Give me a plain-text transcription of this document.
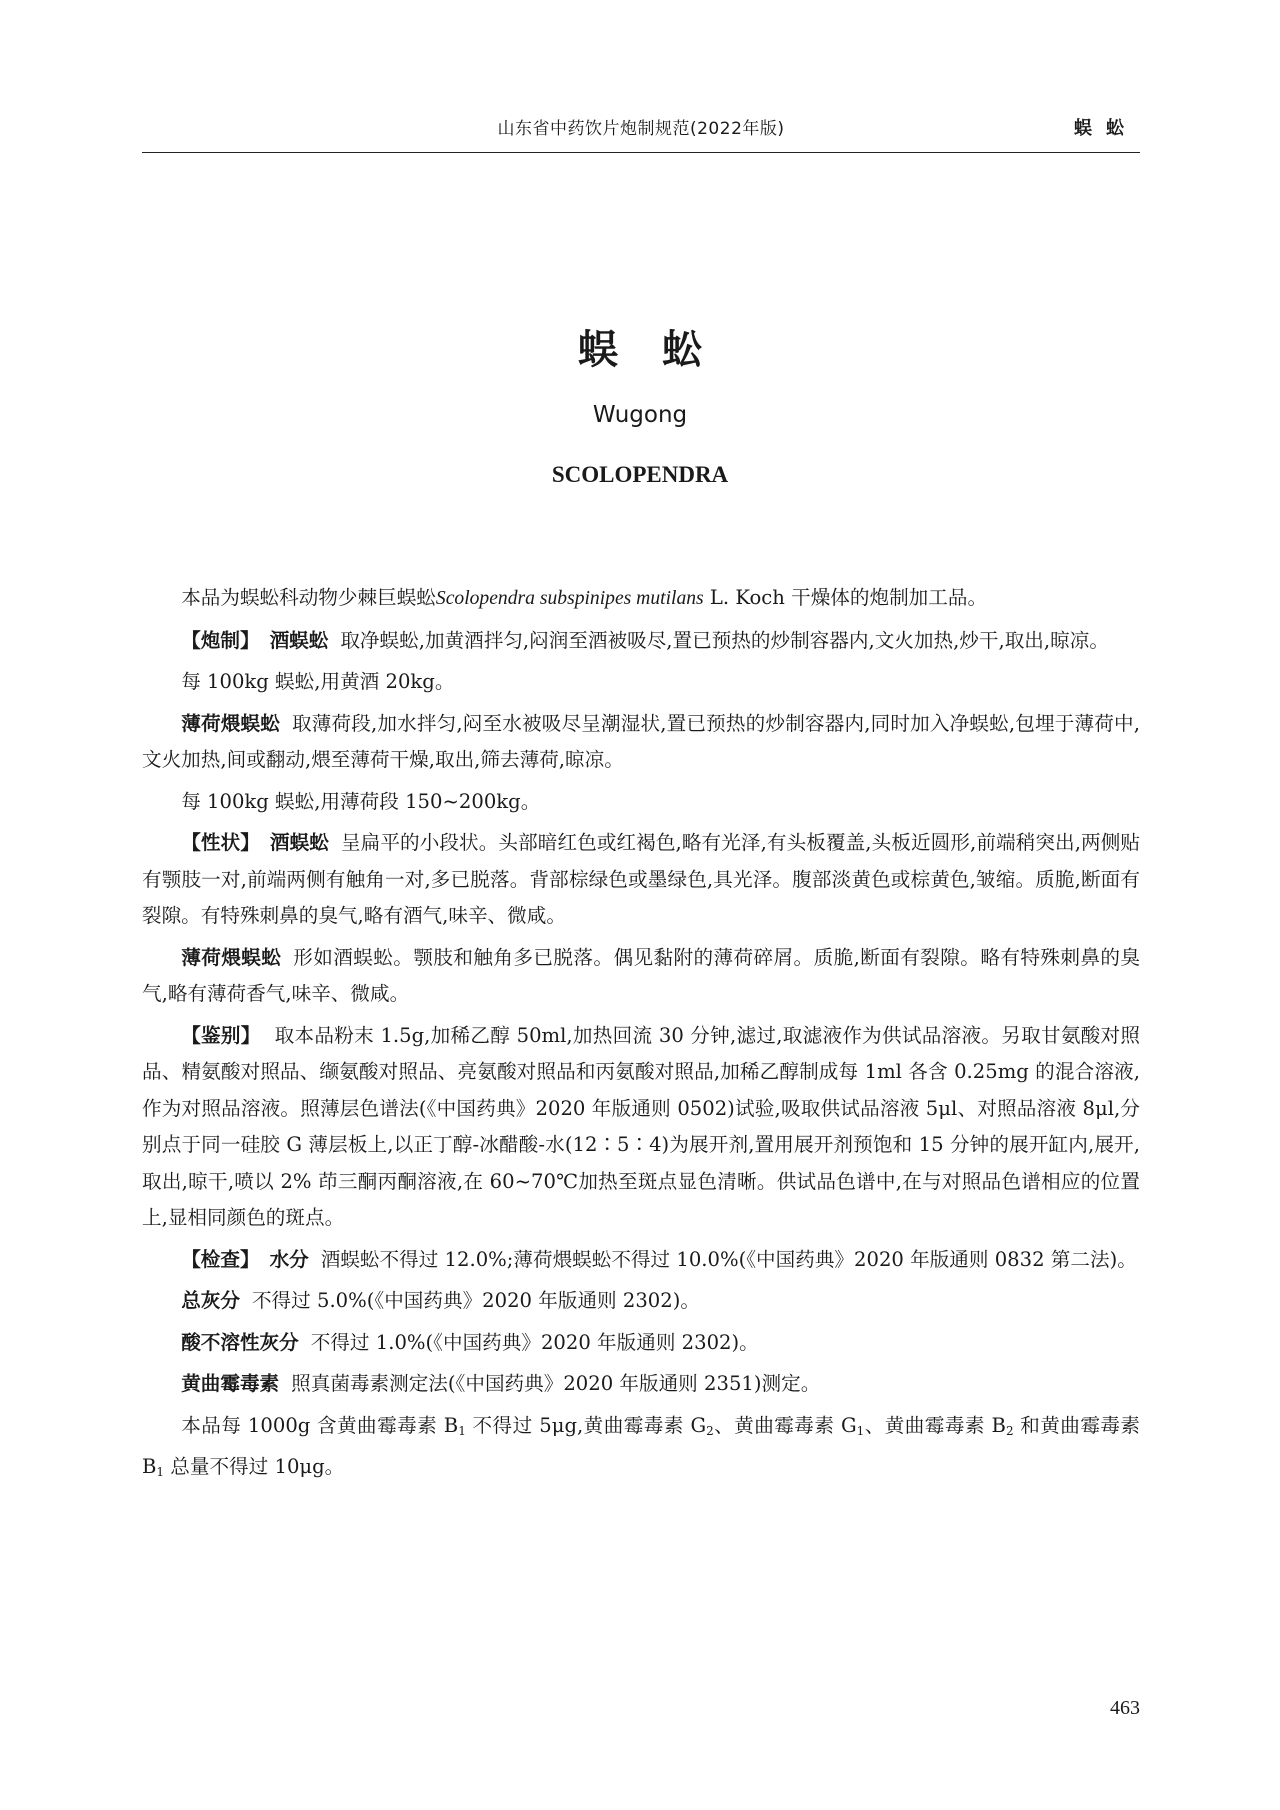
山东省中药饮片炮制规范(2022年版)	蜈蚣
蜈蚣
Wugong
SCOLOPENDRA

本品为蜈蚣科动物少棘巨蜈蚣Scolopendra subspinipes mutilans L. Koch 干燥体的炮制加工品。

【炮制】 酒蜈蚣 取净蜈蚣,加黄酒拌匀,闷润至酒被吸尽,置已预热的炒制容器内,文火加热,炒干,取出,晾凉。

每 100kg 蜈蚣,用黄酒 20kg。

薄荷煨蜈蚣 取薄荷段,加水拌匀,闷至水被吸尽呈潮湿状,置已预热的炒制容器内,同时加入净蜈蚣,包埋于薄荷中,文火加热,间或翻动,煨至薄荷干燥,取出,筛去薄荷,晾凉。

每 100kg 蜈蚣,用薄荷段 150~200kg。

【性状】 酒蜈蚣 呈扁平的小段状。头部暗红色或红褐色,略有光泽,有头板覆盖,头板近圆形,前端稍突出,两侧贴有颚肢一对,前端两侧有触角一对,多已脱落。背部棕绿色或墨绿色,具光泽。腹部淡黄色或棕黄色,皱缩。质脆,断面有裂隙。有特殊刺鼻的臭气,略有酒气,味辛、微咸。

薄荷煨蜈蚣 形如酒蜈蚣。颚肢和触角多已脱落。偶见黏附的薄荷碎屑。质脆,断面有裂隙。略有特殊刺鼻的臭气,略有薄荷香气,味辛、微咸。

【鉴别】 取本品粉末 1.5g,加稀乙醇 50ml,加热回流 30 分钟,滤过,取滤液作为供试品溶液。另取甘氨酸对照品、精氨酸对照品、缬氨酸对照品、亮氨酸对照品和丙氨酸对照品,加稀乙醇制成每 1ml 各含 0.25mg 的混合溶液,作为对照品溶液。照薄层色谱法(《中国药典》2020 年版通则 0502)试验,吸取供试品溶液 5μl、对照品溶液 8μl,分别点于同一硅胶 G 薄层板上,以正丁醇-冰醋酸-水(12∶5∶4)为展开剂,置用展开剂预饱和 15 分钟的展开缸内,展开,取出,晾干,喷以 2% 茚三酮丙酮溶液,在 60~70℃加热至斑点显色清晰。供试品色谱中,在与对照品色谱相应的位置上,显相同颜色的斑点。

【检查】 水分 酒蜈蚣不得过 12.0%;薄荷煨蜈蚣不得过 10.0%(《中国药典》2020 年版通则 0832 第二法)。

总灰分 不得过 5.0%(《中国药典》2020 年版通则 2302)。

酸不溶性灰分 不得过 1.0%(《中国药典》2020 年版通则 2302)。

黄曲霉毒素 照真菌毒素测定法(《中国药典》2020 年版通则 2351)测定。

本品每 1000g 含黄曲霉毒素 $B_1$ 不得过 5μg,黄曲霉毒素 $G_2$、黄曲霉毒素 $G_1$、黄曲霉毒素 $B_2$ 和黄曲霉毒素 $B_1$ 总量不得过 10μg。

463
